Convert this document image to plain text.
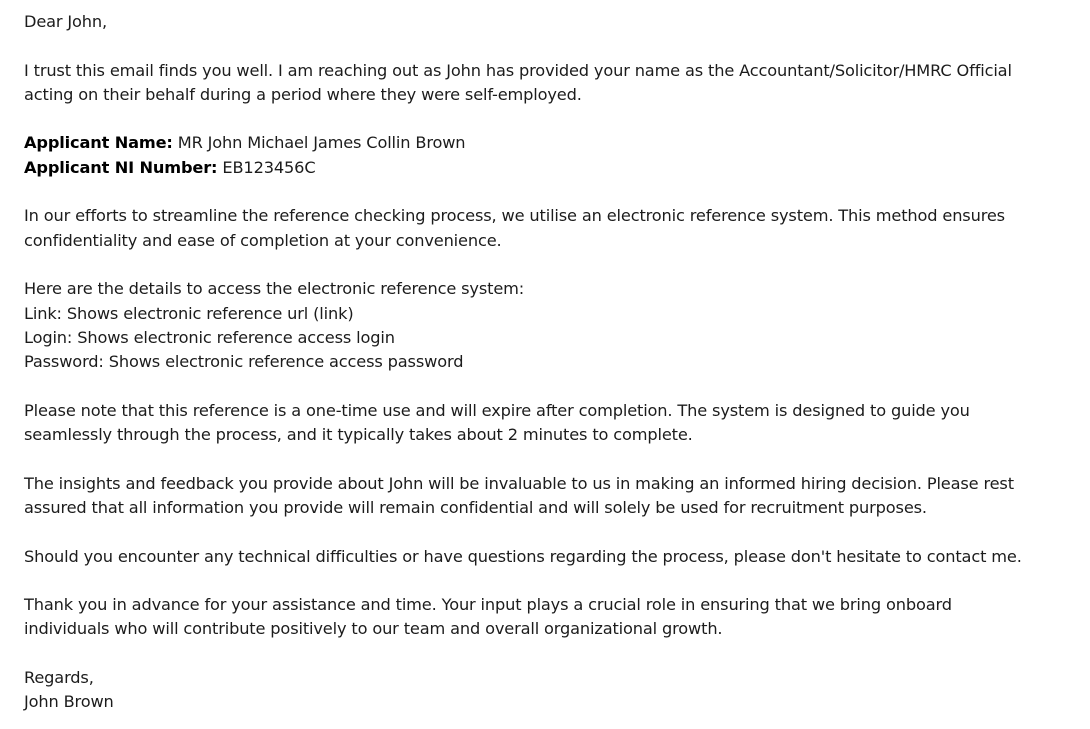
Dear John,
I trust this email finds you well. I am reaching out as John has provided your name as the Accountant/Solicitor/HMRC Official
acting on their behalf during a period where they were self-employed.
Applicant Name: MR John Michael James Collin Brown
Applicant NI Number: EB123456C
In our efforts to streamline the reference checking process, we utilise an electronic reference system. This method ensures
confidentiality and ease of completion at your convenience.
Here are the details to access the electronic reference system:
Link: Shows electronic reference url (link)
Login: Shows electronic reference access login
Password: Shows electronic reference access password
Please note that this reference is a one-time use and will expire after completion. The system is designed to guide you
seamlessly through the process, and it typically takes about 2 minutes to complete.
The insights and feedback you provide about John will be invaluable to us in making an informed hiring decision. Please rest
assured that all information you provide will remain confidential and will solely be used for recruitment purposes.
Should you encounter any technical difficulties or have questions regarding the process, please don't hesitate to contact me.
Thank you in advance for your assistance and time. Your input plays a crucial role in ensuring that we bring onboard
individuals who will contribute positively to our team and overall organizational growth.
Regards,
John Brown
